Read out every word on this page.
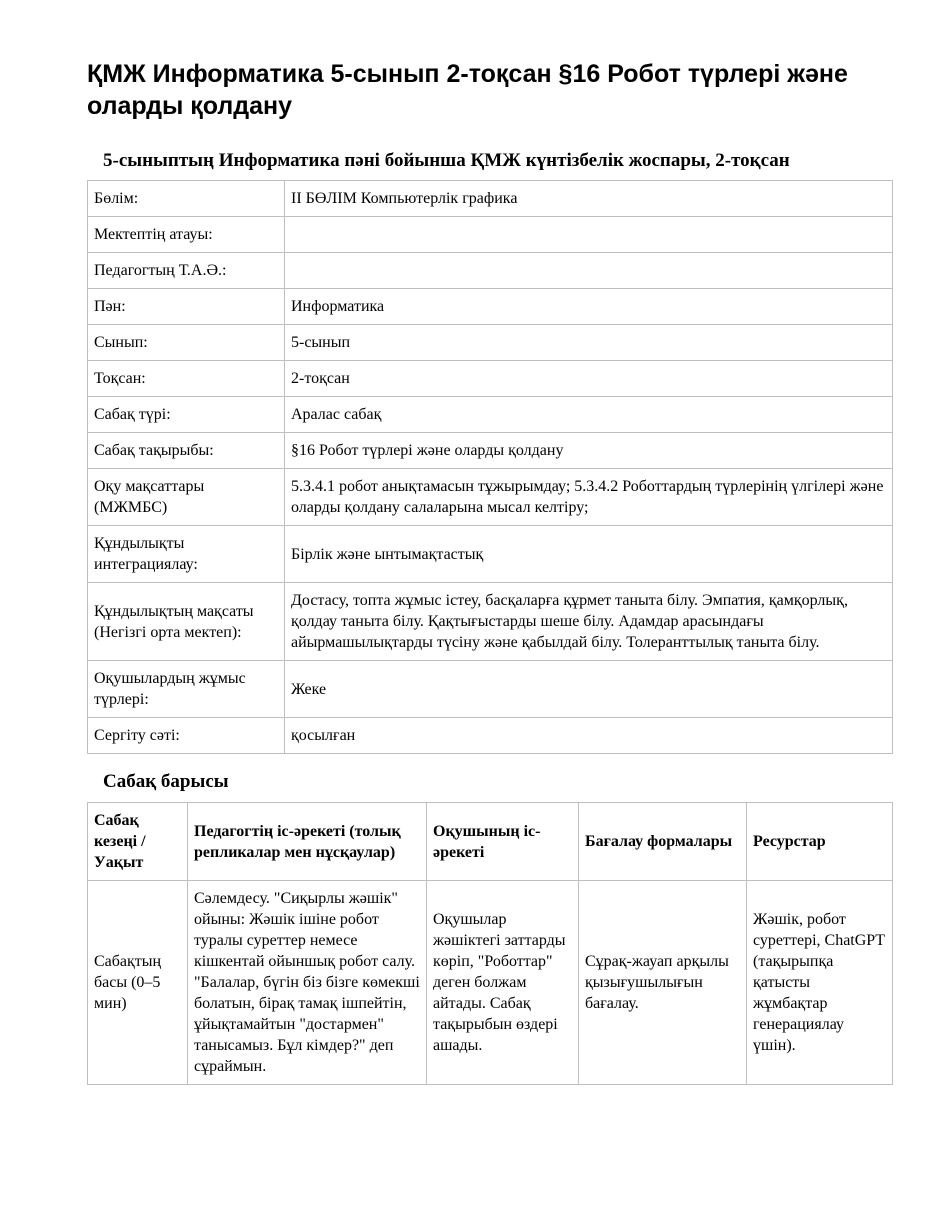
ҚМЖ Информатика 5-сынып 2-тоқсан §16 Робот түрлері және оларды қолдану
5-сыныптың Информатика пәні бойынша ҚМЖ күнтізбелік жоспары, 2-тоқсан
Бөлім:	II БӨЛІМ Компьютерлік графика
Мектептің атауы:	
Педагогтың Т.А.Ә.:	
Пән:	Информатика
Сынып:	5-сынып
Тоқсан:	2-тоқсан
Сабақ түрі:	Аралас сабақ
Сабақ тақырыбы:	§16 Робот түрлері және оларды қолдану
Оқу мақсаттары (МЖМБС)	5.3.4.1 робот анықтамасын тұжырымдау; 5.3.4.2 Роботтардың түрлерінің үлгілері және оларды қолдану салаларына мысал келтіру;
Құндылықты интеграциялау:	Бірлік және ынтымақтастық
Құндылықтың мақсаты (Негізгі орта мектеп):	Достасу, топта жұмыс істеу, басқаларға құрмет таныта білу. Эмпатия, қамқорлық, қолдау таныта білу. Қақтығыстарды шеше білу. Адамдар арасындағы айырмашылықтарды түсіну және қабылдай білу. Толеранттылық таныта білу.
Оқушылардың жұмыс түрлері:	Жеке
Сергіту сәті:	қосылған
Сабақ барысы
Сабақ кезеңі / Уақыт	Педагогтің іс-әрекеті (толық репликалар мен нұсқаулар)	Оқушының іс-әрекеті	Бағалау формалары	Ресурстар
Сабақтың басы (0–5 мин)	Сәлемдесу. "Сиқырлы жәшік" ойыны: Жәшік ішіне робот туралы суреттер немесе кішкентай ойыншық робот салу. "Балалар, бүгін біз бізге көмекші болатын, бірақ тамақ ішпейтін, ұйықтамайтын "достармен" танысамыз. Бұл кімдер?" деп сұраймын.	Оқушылар жәшіктегі заттарды көріп, "Роботтар" деген болжам айтады. Сабақ тақырыбын өздері ашады.	Сұрақ-жауап арқылы қызығушылығын бағалау.	Жәшік, робот суреттері, ChatGPT (тақырыпқа қатысты жұмбақтар генерациялау үшін).
